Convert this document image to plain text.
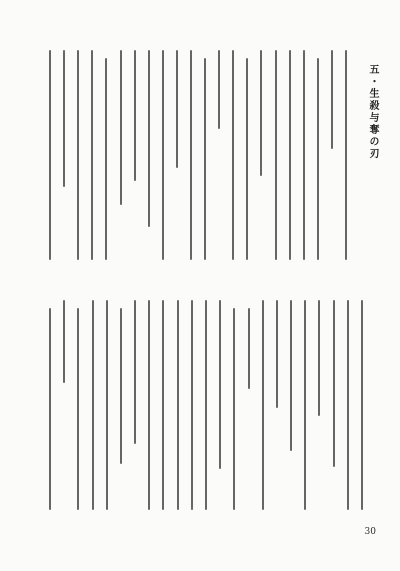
五・生殺与奪の刃
30
